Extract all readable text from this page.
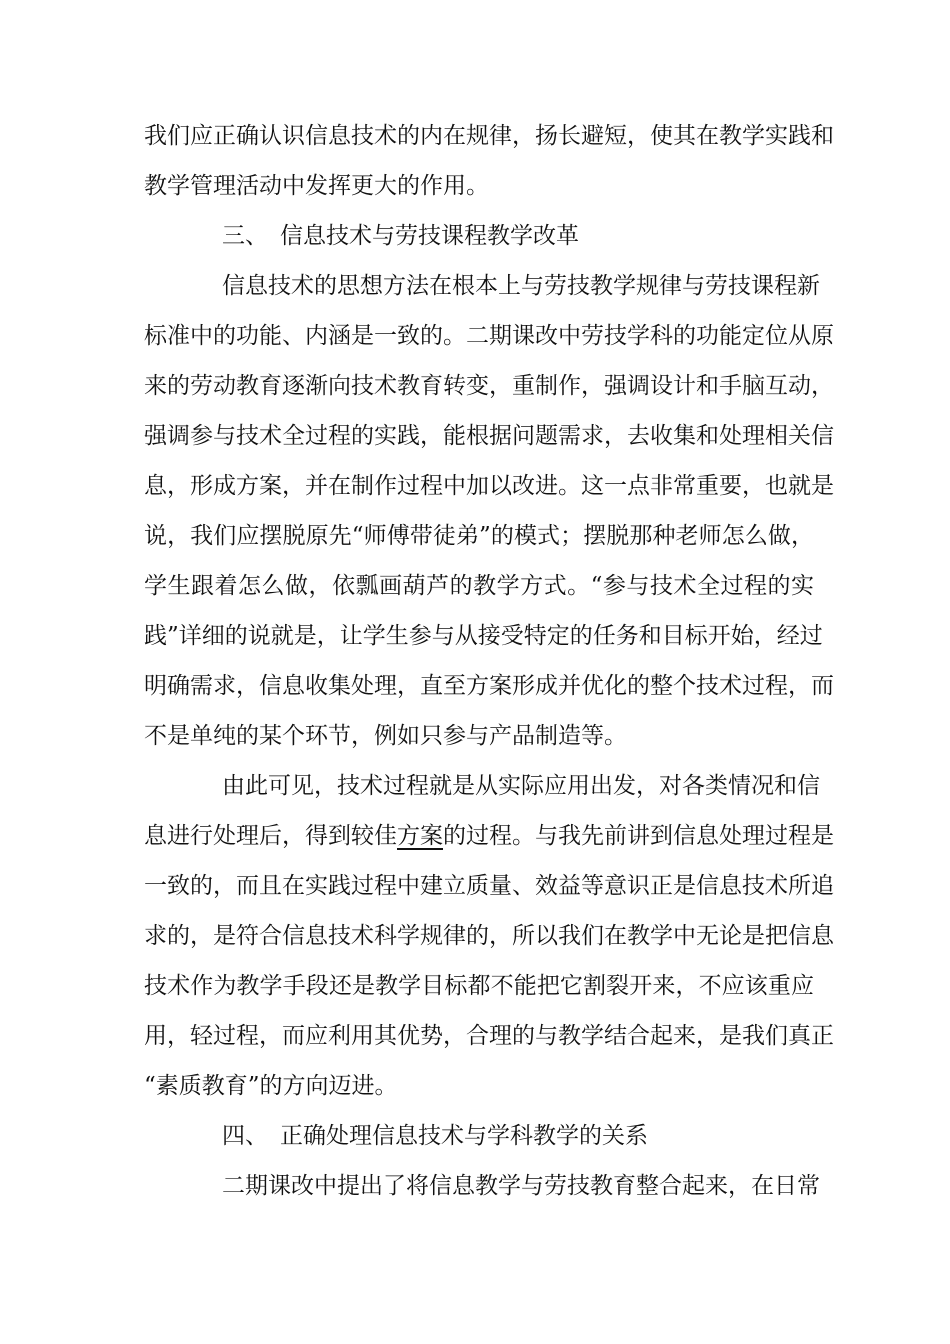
我们应正确认识信息技术的内在规律，扬长避短，使其在教学实践和
教学管理活动中发挥更大的作用。
三、 信息技术与劳技课程教学改革
信息技术的思想方法在根本上与劳技教学规律与劳技课程新
标准中的功能、内涵是一致的。二期课改中劳技学科的功能定位从原
来的劳动教育逐渐向技术教育转变，重制作，强调设计和手脑互动，
强调参与技术全过程的实践，能根据问题需求，去收集和处理相关信
息，形成方案，并在制作过程中加以改进。这一点非常重要，也就是
说，我们应摆脱原先“师傅带徒弟”的模式；摆脱那种老师怎么做，
学生跟着怎么做，依瓢画葫芦的教学方式。“参与技术全过程的实
践”详细的说就是，让学生参与从接受特定的任务和目标开始，经过
明确需求，信息收集处理，直至方案形成并优化的整个技术过程，而
不是单纯的某个环节，例如只参与产品制造等。
由此可见，技术过程就是从实际应用出发，对各类情况和信
息进行处理后，得到较佳方案的过程。与我先前讲到信息处理过程是
一致的，而且在实践过程中建立质量、效益等意识正是信息技术所追
求的，是符合信息技术科学规律的，所以我们在教学中无论是把信息
技术作为教学手段还是教学目标都不能把它割裂开来，不应该重应
用，轻过程，而应利用其优势，合理的与教学结合起来，是我们真正
“素质教育”的方向迈进。
四、 正确处理信息技术与学科教学的关系
二期课改中提出了将信息教学与劳技教育整合起来，在日常
